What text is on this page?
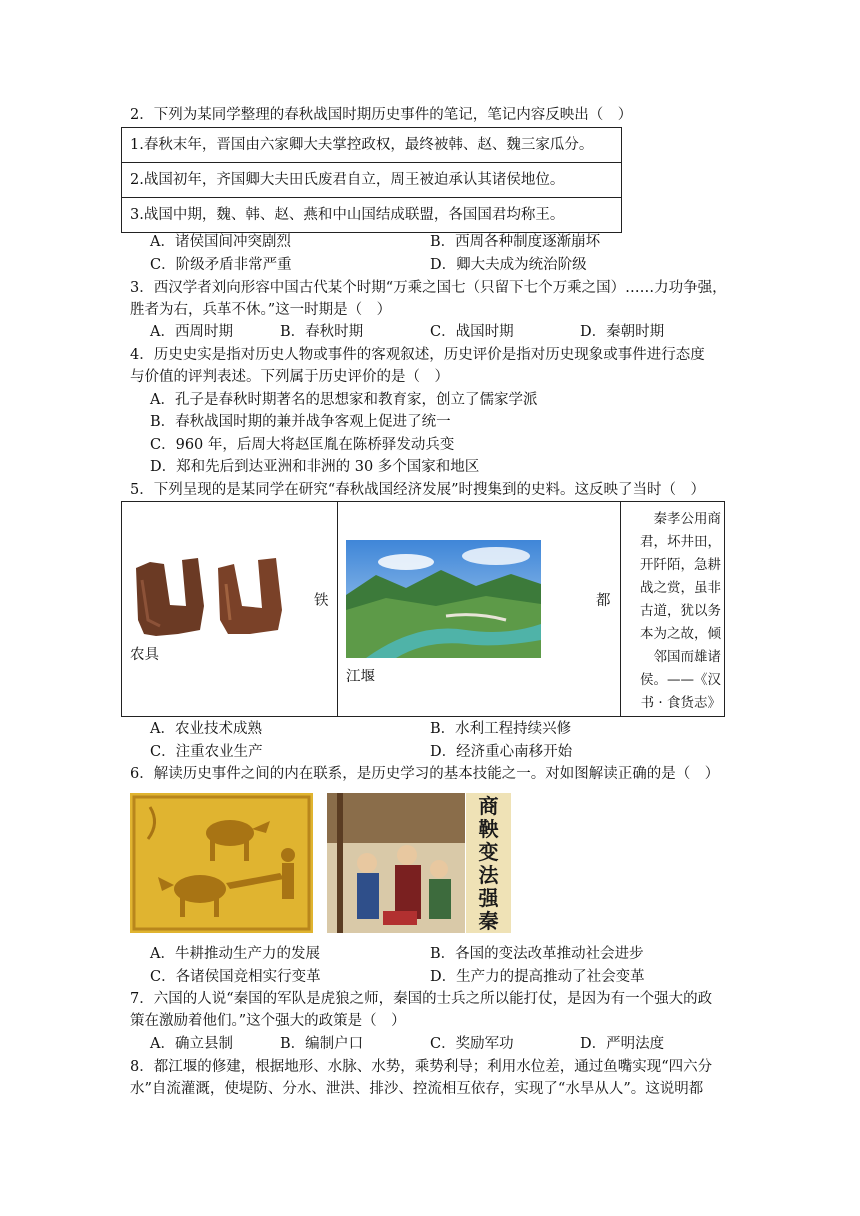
2．下列为某同学整理的春秋战国时期历史事件的笔记，笔记内容反映出（　）
1.春秋末年，晋国由六家卿大夫掌控政权，最终被韩、赵、魏三家瓜分。
2.战国初年，齐国卿大夫田氏废君自立，周王被迫承认其诸侯地位。
3.战国中期，魏、韩、赵、燕和中山国结成联盟，各国国君均称王。
A．诸侯国间冲突剧烈	B．西周各种制度逐渐崩坏
C．阶级矛盾非常严重	D．卿大夫成为统治阶级
3．西汉学者刘向形容中国古代某个时期“万乘之国七（只留下七个万乘之国）……力功争强，
胜者为右，兵革不休。”这一时期是（　）
A．西周时期	B．春秋时期	C．战国时期	D．秦朝时期
4．历史史实是指对历史人物或事件的客观叙述，历史评价是指对历史现象或事件进行态度
与价值的评判表述。下列属于历史评价的是（　）
A．孔子是春秋时期著名的思想家和教育家，创立了儒家学派
B．春秋战国时期的兼并战争客观上促进了统一
C．960 年，后周大将赵匡胤在陈桥驿发动兵变
D．郑和先后到达亚洲和非洲的 30 多个国家和地区
5．下列呈现的是某同学在研究“春秋战国经济发展”时搜集到的史料。这反映了当时（　）
铁
农具
都
江堰
秦孝公用商
君，坏井田，
开阡陌，急耕
战之赏，虽非
古道，犹以务
本为之故，倾
邻国而雄诸
侯。——《汉
书 · 食货志》
A．农业技术成熟	B．水利工程持续兴修
C．注重农业生产	D．经济重心南移开始
6．解读历史事件之间的内在联系，是历史学习的基本技能之一。对如图解读正确的是（　）
商
鞅
变
法
强
秦
A．牛耕推动生产力的发展	B．各国的变法改革推动社会进步
C．各诸侯国竞相实行变革	D．生产力的提高推动了社会变革
7．六国的人说“秦国的军队是虎狼之师，秦国的士兵之所以能打仗，是因为有一个强大的政
策在激励着他们。”这个强大的政策是（　）
A．确立县制	B．编制户口	C．奖励军功	D．严明法度
8．都江堰的修建，根据地形、水脉、水势，乘势利导；利用水位差，通过鱼嘴实现“四六分
水”自流灌溉，使堤防、分水、泄洪、排沙、控流相互依存，实现了“水旱从人”。这说明都
